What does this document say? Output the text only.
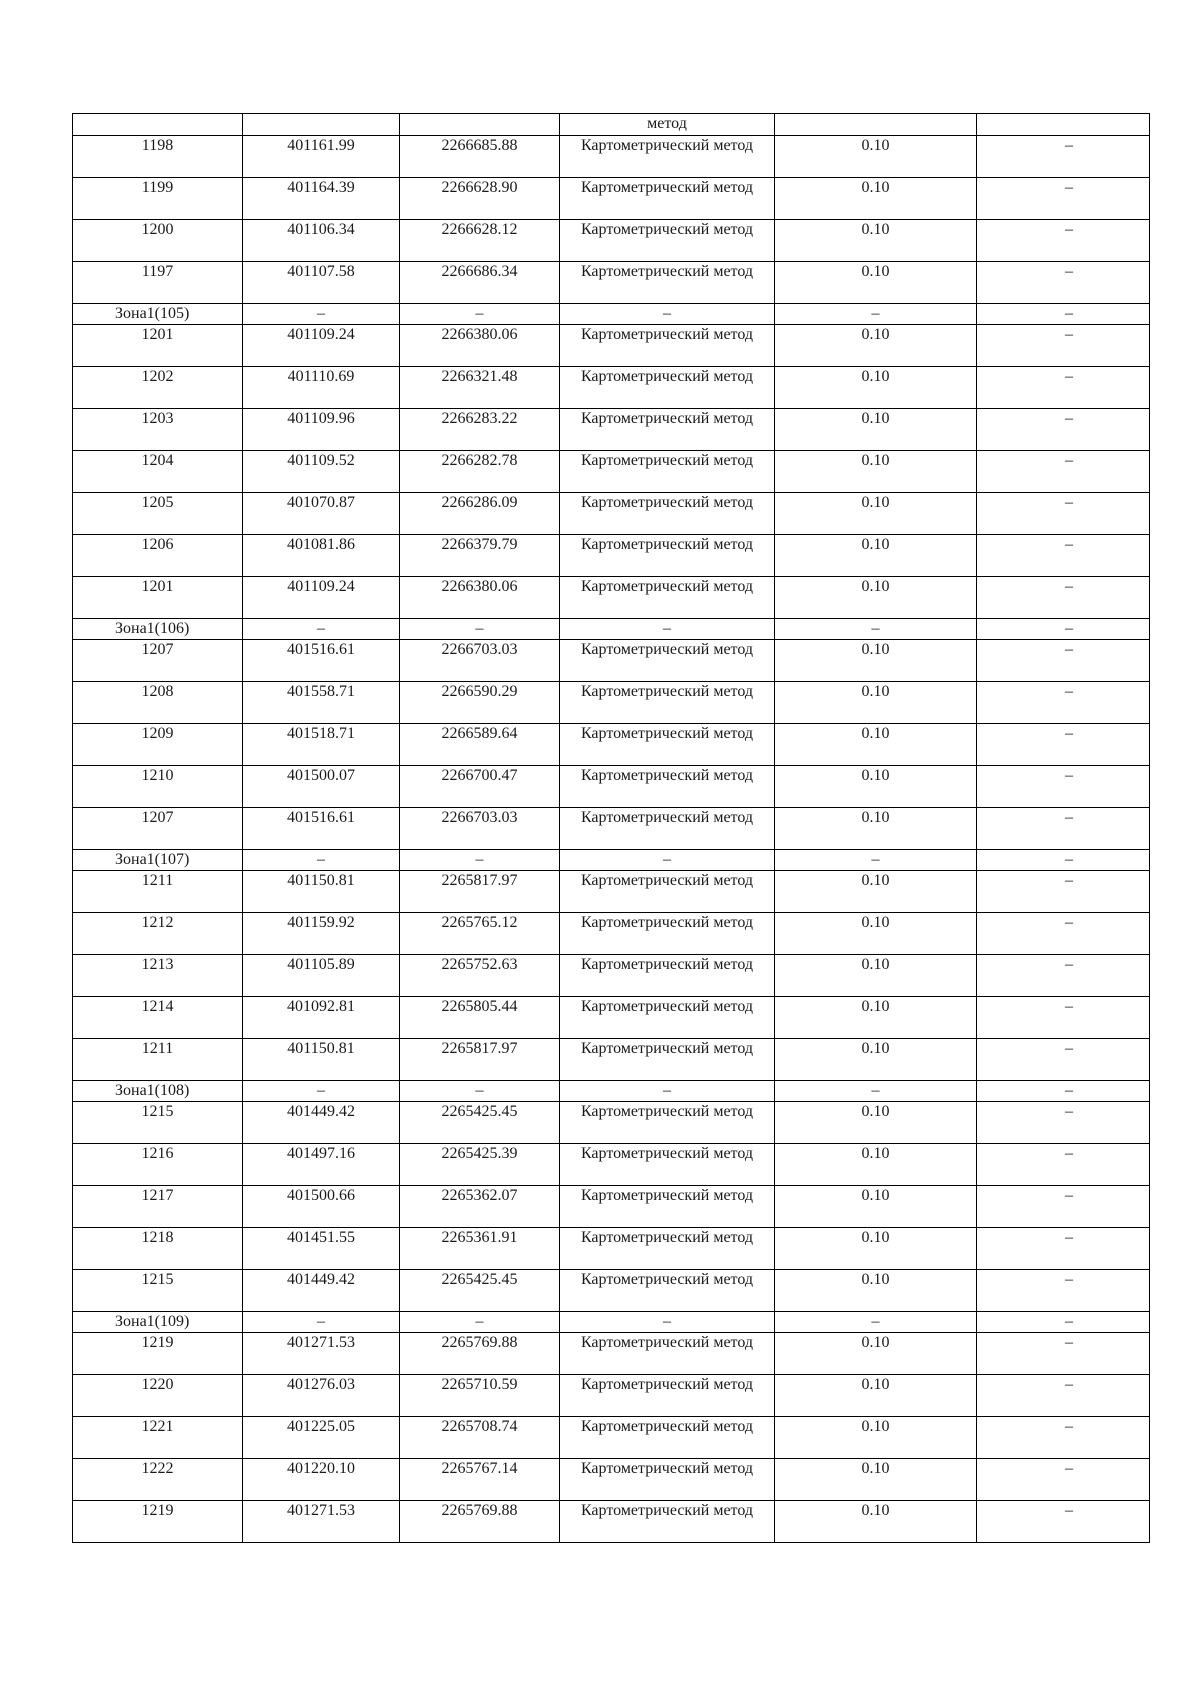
			метод		
1198	401161.99	2266685.88	Картометрический метод	0.10	–
1199	401164.39	2266628.90	Картометрический метод	0.10	–
1200	401106.34	2266628.12	Картометрический метод	0.10	–
1197	401107.58	2266686.34	Картометрический метод	0.10	–
Зона1(105)	–	–	–	–	–
1201	401109.24	2266380.06	Картометрический метод	0.10	–
1202	401110.69	2266321.48	Картометрический метод	0.10	–
1203	401109.96	2266283.22	Картометрический метод	0.10	–
1204	401109.52	2266282.78	Картометрический метод	0.10	–
1205	401070.87	2266286.09	Картометрический метод	0.10	–
1206	401081.86	2266379.79	Картометрический метод	0.10	–
1201	401109.24	2266380.06	Картометрический метод	0.10	–
Зона1(106)	–	–	–	–	–
1207	401516.61	2266703.03	Картометрический метод	0.10	–
1208	401558.71	2266590.29	Картометрический метод	0.10	–
1209	401518.71	2266589.64	Картометрический метод	0.10	–
1210	401500.07	2266700.47	Картометрический метод	0.10	–
1207	401516.61	2266703.03	Картометрический метод	0.10	–
Зона1(107)	–	–	–	–	–
1211	401150.81	2265817.97	Картометрический метод	0.10	–
1212	401159.92	2265765.12	Картометрический метод	0.10	–
1213	401105.89	2265752.63	Картометрический метод	0.10	–
1214	401092.81	2265805.44	Картометрический метод	0.10	–
1211	401150.81	2265817.97	Картометрический метод	0.10	–
Зона1(108)	–	–	–	–	–
1215	401449.42	2265425.45	Картометрический метод	0.10	–
1216	401497.16	2265425.39	Картометрический метод	0.10	–
1217	401500.66	2265362.07	Картометрический метод	0.10	–
1218	401451.55	2265361.91	Картометрический метод	0.10	–
1215	401449.42	2265425.45	Картометрический метод	0.10	–
Зона1(109)	–	–	–	–	–
1219	401271.53	2265769.88	Картометрический метод	0.10	–
1220	401276.03	2265710.59	Картометрический метод	0.10	–
1221	401225.05	2265708.74	Картометрический метод	0.10	–
1222	401220.10	2265767.14	Картометрический метод	0.10	–
1219	401271.53	2265769.88	Картометрический метод	0.10	–
